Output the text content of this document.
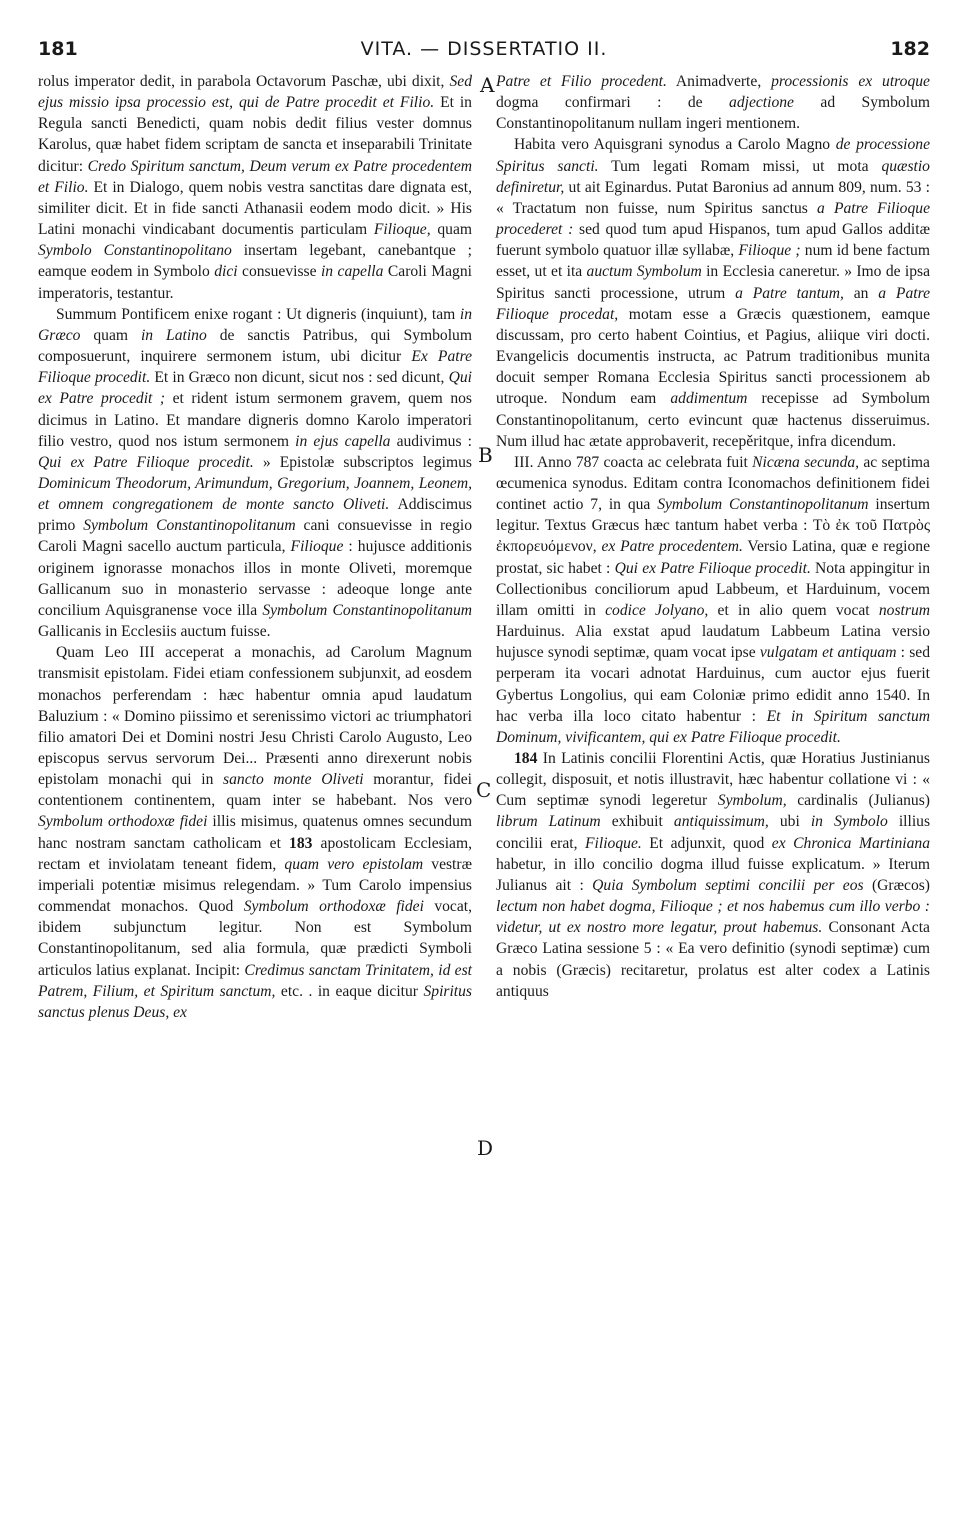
181	VITA. — DISSERTATIO II.	182

rolus imperator dedit, in parabola Octavorum Paschæ, ubi dixit, Sed ejus missio ipsa processio est, qui de Patre procedit et Filio. Et in Regula sancti Benedicti, quam nobis dedit filius vester domnus Karolus, quæ habet fidem scriptam de sancta et inseparabili Trinitate dicitur: Credo Spiritum sanctum, Deum verum ex Patre procedentem et Filio. Et in Dialogo, quem nobis vestra sanctitas dare dignata est, similiter dicit. Et in fide sancti Athanasii eodem modo dicit. » His Latini monachi vindicabant documentis particulam Filioque, quam Symbolo Constantinopolitano insertam legebant, canebantque ; eamque eodem in Symbolo dici consuevisse in capella Caroli Magni imperatoris, testantur.

Summum Pontificem enixe rogant : Ut digneris (inquiunt), tam in Græco quam in Latino de sanctis Patribus, qui Symbolum composuerunt, inquirere sermonem istum, ubi dicitur Ex Patre Filioque procedit. Et in Græco non dicunt, sicut nos : sed dicunt, Qui ex Patre procedit ; et rident istum sermonem gravem, quem nos dicimus in Latino. Et mandare digneris domno Karolo imperatori filio vestro, quod nos istum sermonem in ejus capella audivimus : Qui ex Patre Filioque procedit. » Epistolæ subscriptos legimus Dominicum Theodorum, Arimundum, Gregorium, Joannem, Leonem, et omnem congregationem de monte sancto Oliveti. Addiscimus primo Symbolum Constantinopolitanum cani consuevisse in regio Caroli Magni sacello auctum particula, Filioque : hujusce additionis originem ignorasse monachos illos in monte Oliveti, moremque Gallicanum suo in monasterio servasse : adeoque longe ante concilium Aquisgranense voce illa Symbolum Constantinopolitanum Gallicanis in Ecclesiis auctum fuisse.

Quam Leo III acceperat a monachis, ad Carolum Magnum transmisit epistolam. Fidei etiam confessionem subjunxit, ad eosdem monachos perferendam : hæc habentur omnia apud laudatum Baluzium : « Domino piissimo et serenissimo victori ac triumphatori filio amatori Dei et Domini nostri Jesu Christi Carolo Augusto, Leo episcopus servus servorum Dei... Præsenti anno direxerunt nobis epistolam monachi qui in sancto monte Oliveti morantur, fidei contentionem continentem, quam inter se habebant. Nos vero Symbolum orthodoxæ fidei illis misimus, quatenus omnes secundum hanc nostram sanctam catholicam et 183 apostolicam Ecclesiam, rectam et inviolatam teneant fidem, quam vero epistolam vestræ imperiali potentiæ misimus relegendam. » Tum Carolo impensius commendat monachos. Quod Symbolum orthodoxæ fidei vocat, ibidem subjunctum legitur. Non est Symbolum Constantinopolitanum, sed alia formula, quæ prædicti Symboli articulos latius explanat. Incipit: Credimus sanctam Trinitatem, id est Patrem, Filium, et Spiritum sanctum, etc. . in eaque dicitur Spiritus sanctus plenus Deus, ex

A
B
C
D

Patre et Filio procedent. Animadverte, processionis ex utroque dogma confirmari : de adjectione ad Symbolum Constantinopolitanum nullam ingeri mentionem.

Habita vero Aquisgrani synodus a Carolo Magno de processione Spiritus sancti. Tum legati Romam missi, ut mota quæstio definiretur, ut ait Eginardus. Putat Baronius ad annum 809, num. 53 : « Tractatum non fuisse, num Spiritus sanctus a Patre Filioque procederet : sed quod tum apud Hispanos, tum apud Gallos additæ fuerunt symbolo quatuor illæ syllabæ, Filioque ; num id bene factum esset, ut et ita auctum Symbolum in Ecclesia caneretur. » Imo de ipsa Spiritus sancti processione, utrum a Patre tantum, an a Patre Filioque procedat, motam esse a Græcis quæstionem, eamque discussam, pro certo habent Cointius, et Pagius, aliique viri docti. Evangelicis documentis instructa, ac Patrum traditionibus munita docuit semper Romana Ecclesia Spiritus sancti processionem ab utroque. Nondum eam addimentum recepisse ad Symbolum Constantinopolitanum, certo evincunt quæ hactenus disseruimus. Num illud hac ætate approbaverit, recepěritque, infra dicendum.

III. Anno 787 coacta ac celebrata fuit Nicæna secunda, ac septima œcumenica synodus. Editam contra Iconomachos definitionem fidei continet actio 7, in qua Symbolum Constantinopolitanum insertum legitur. Textus Græcus hæc tantum habet verba : Τὸ ἐκ τοῦ Πατρὸς ἐκπορευόμενον, ex Patre procedentem. Versio Latina, quæ e regione prostat, sic habet : Qui ex Patre Filioque procedit. Nota appingitur in Collectionibus conciliorum apud Labbeum, et Harduinum, vocem illam omitti in codice Jolyano, et in alio quem vocat nostrum Harduinus. Alia exstat apud laudatum Labbeum Latina versio hujusce synodi septimæ, quam vocat ipse vulgatam et antiquam : sed perperam ita vocari adnotat Harduinus, cum auctor ejus fuerit Gybertus Longolius, qui eam Coloniæ primo edidit anno 1540. In hac verba illa loco citato habentur : Et in Spiritum sanctum Dominum, vivificantem, qui ex Patre Filioque procedit.

184 In Latinis concilii Florentini Actis, quæ Horatius Justinianus collegit, disposuit, et notis illustravit, hæc habentur collatione vi : « Cum septimæ synodi legeretur Symbolum, cardinalis (Julianus) librum Latinum exhibuit antiquissimum, ubi in Symbolo illius concilii erat, Filioque. Et adjunxit, quod ex Chronica Martiniana habetur, in illo concilio dogma illud fuisse explicatum. » Iterum Julianus ait : Quia Symbolum septimi concilii per eos (Græcos) lectum non habet dogma, Filioque ; et nos habemus cum illo verbo : videtur, ut ex nostro more legatur, prout habemus. Consonant Acta Græco Latina sessione 5 : « Ea vero definitio (synodi septimæ) cum a nobis (Græcis) recitaretur, prolatus est alter codex a Latinis antiquus
